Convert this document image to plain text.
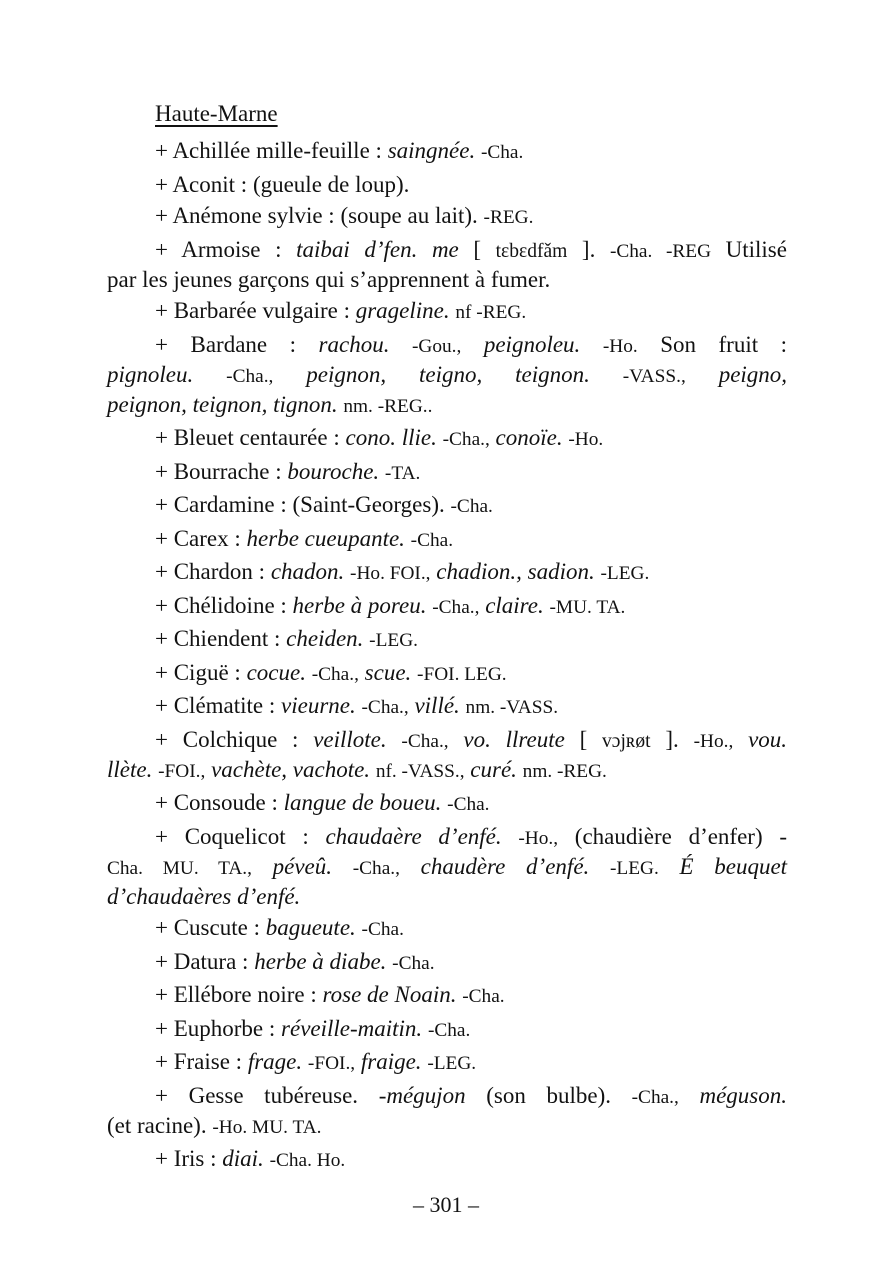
Haute-Marne

+ Achillée mille-feuille : saingnée. -Cha.

+ Aconit : (gueule de loup).

+ Anémone sylvie : (soupe au lait). -REG.

+ Armoise : taibai d’fen. me [ tɛbɛdfǎm ]. -Cha. -REG Utilisé
par les jeunes garçons qui s’apprennent à fumer.

+ Barbarée vulgaire : grageline. nf -REG.

+ Bardane : rachou. -Gou., peignoleu. -Ho. Son fruit :
pignoleu. -Cha., peignon, teigno, teignon. -VASS., peigno,
peignon, teignon, tignon. nm. -REG..

+ Bleuet centaurée : cono. llie. -Cha., conoïe. -Ho.

+ Bourrache : bouroche. -TA.

+ Cardamine : (Saint-Georges). -Cha.

+ Carex : herbe cueupante. -Cha.

+ Chardon : chadon. -Ho. FOI., chadion., sadion. -LEG.

+ Chélidoine : herbe à poreu. -Cha., claire. -MU. TA.

+ Chiendent : cheiden. -LEG.

+ Ciguë : cocue. -Cha., scue. -FOI. LEG.

+ Clématite : vieurne. -Cha., villé. nm. -VASS.

+ Colchique : veillote. -Cha., vo. llreute [ vɔjʀøt ]. -Ho., vou.
llète. -FOI., vachète, vachote. nf. -VASS., curé. nm. -REG.

+ Consoude : langue de boueu. -Cha.

+ Coquelicot : chaudaère d’enfé. -Ho., (chaudière d’enfer) -
Cha. MU. TA., péveû. -Cha., chaudère d’enfé. -LEG. É beuquet
d’chaudaères d’enfé.

+ Cuscute : bagueute. -Cha.

+ Datura : herbe à diabe. -Cha.

+ Ellébore noire : rose de Noain. -Cha.

+ Euphorbe : réveille-maitin. -Cha.

+ Fraise : frage. -FOI., fraige. -LEG.

+ Gesse tubéreuse. -mégujon (son bulbe). -Cha., méguson.
(et racine). -Ho. MU. TA.

+ Iris : diai. -Cha. Ho.

– 301 –
